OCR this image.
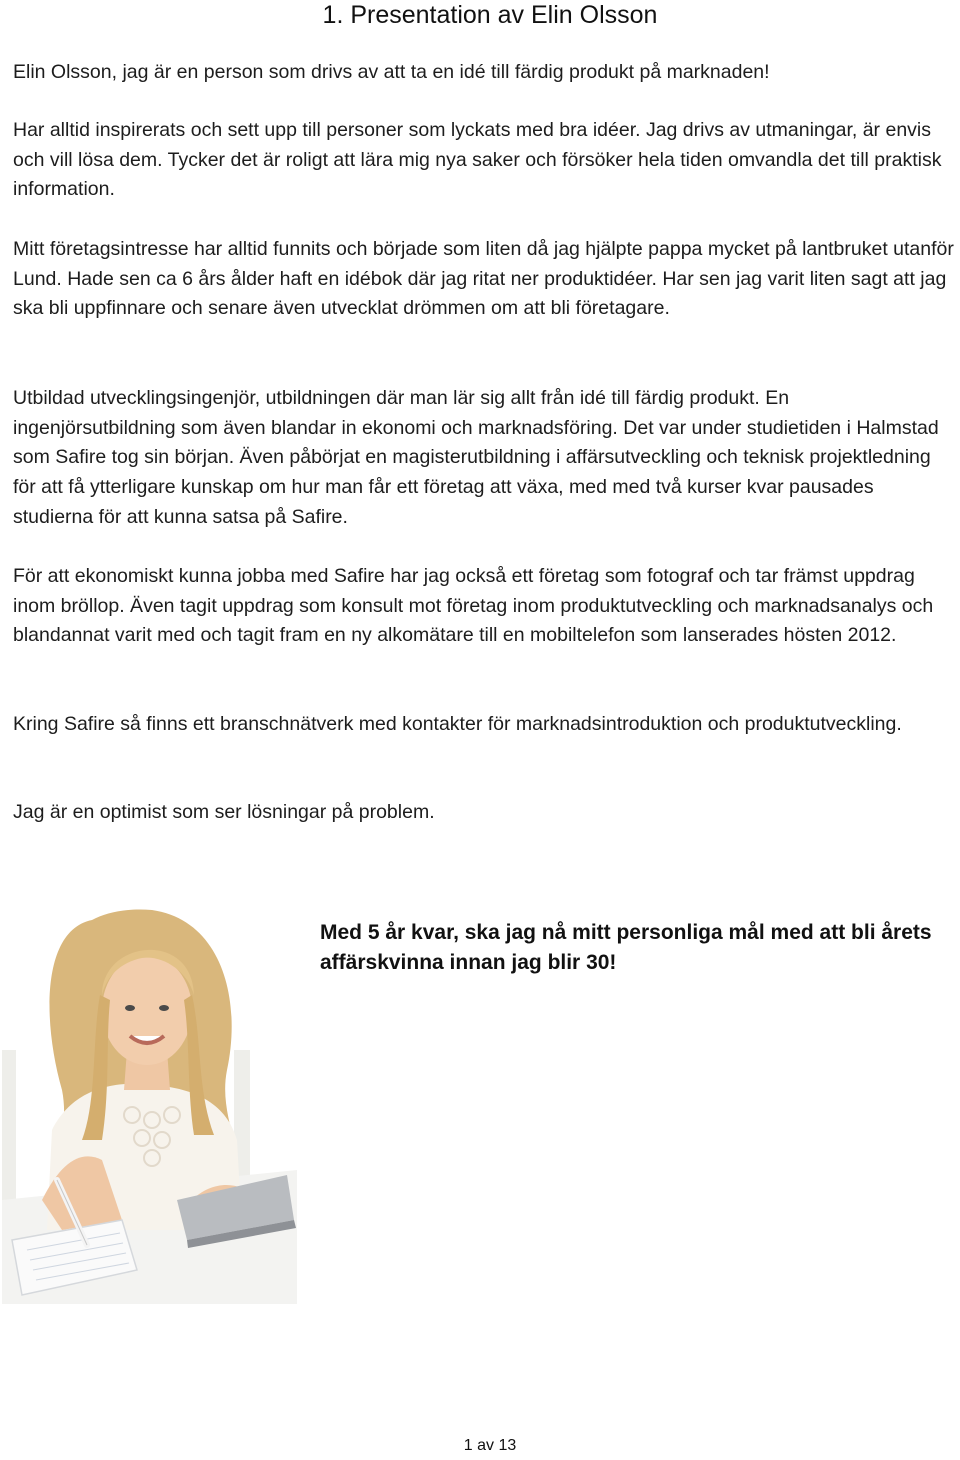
1. Presentation av Elin Olsson

Elin Olsson, jag är en person som drivs av att ta en idé till färdig produkt på marknaden!

Har alltid inspirerats och sett upp till personer som lyckats med bra idéer. Jag drivs av utmaningar, är envis och vill lösa dem. Tycker det är roligt att lära mig nya saker och försöker hela tiden omvandla det till praktisk information.

Mitt företagsintresse har alltid funnits och började som liten då jag hjälpte pappa mycket på lantbruket utanför Lund. Hade sen ca 6 års ålder haft en idébok där jag ritat ner produktidéer. Har sen jag varit liten sagt att jag ska bli uppfinnare och senare även utvecklat drömmen om att bli företagare.

Utbildad utvecklingsingenjör, utbildningen där man lär sig allt från idé till färdig produkt. En ingenjörsutbildning som även blandar in ekonomi och marknadsföring. Det var under studietiden i Halmstad som Safire tog sin början. Även påbörjat en magisterutbildning i affärsutveckling och teknisk projektledning för att få ytterligare kunskap om hur man får ett företag att växa, med med två kurser kvar pausades studierna för att kunna satsa på Safire.

För att ekonomiskt kunna jobba med Safire har jag också ett företag som fotograf och tar främst uppdrag inom bröllop. Även tagit uppdrag som konsult mot företag inom produktutveckling och marknadsanalys och blandannat varit med och tagit fram en ny alkomätare till en mobiltelefon som lanserades hösten 2012.

Kring Safire så finns ett branschnätverk med kontakter för marknadsintroduktion och produktutveckling.

Jag är en optimist som ser lösningar på problem.

Med 5 år kvar, ska jag nå mitt personliga mål med att bli årets  affärskvinna innan jag blir 30!

1 av 13
